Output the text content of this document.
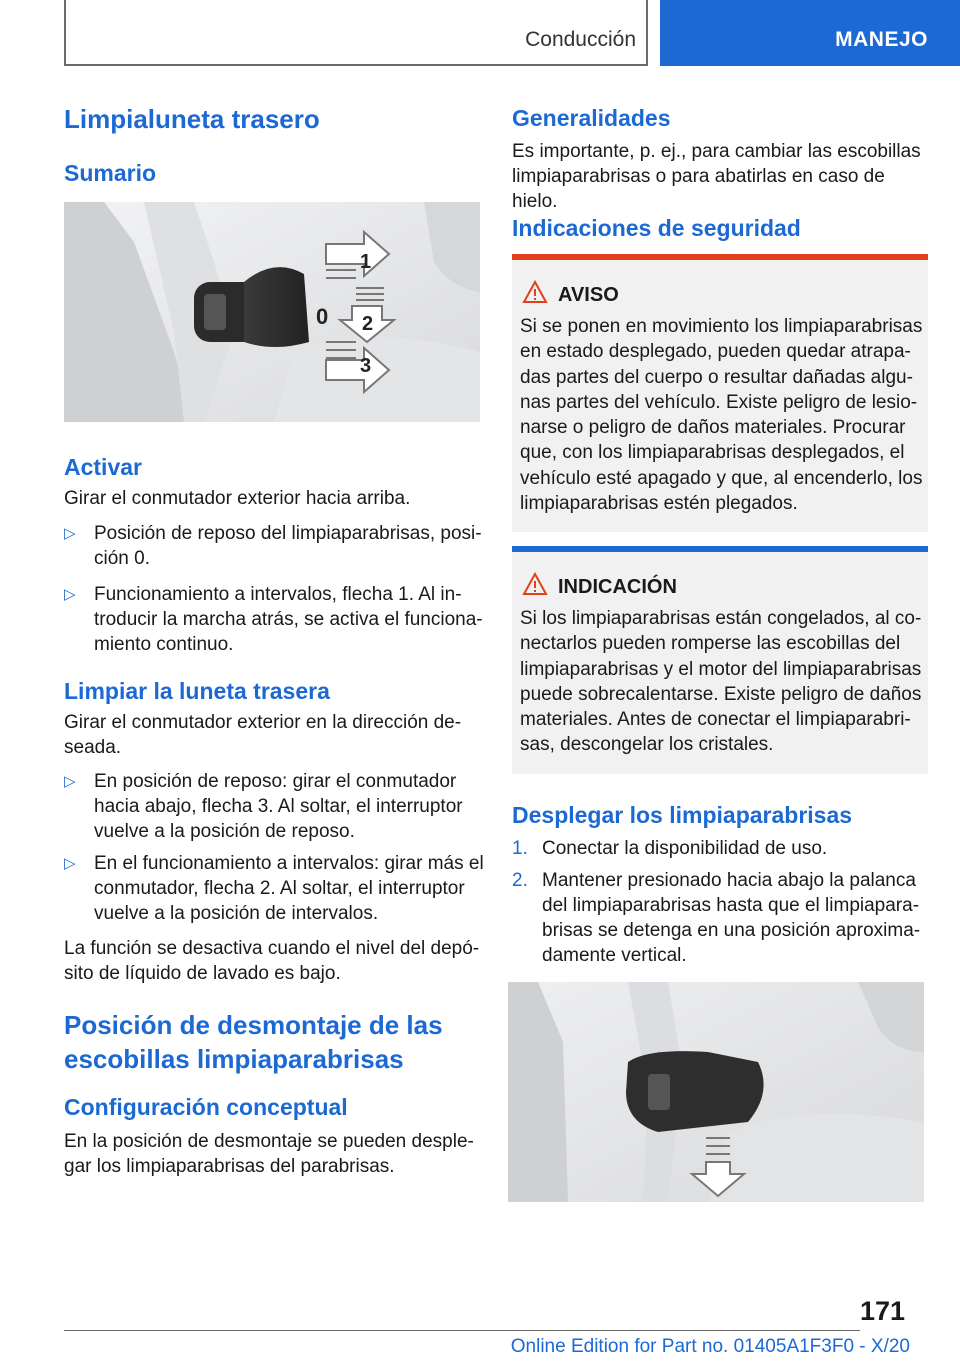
Conducción	MANEJO
Limpialuneta trasero
Sumario
1
0 2
3
Activar
Girar el conmutador exterior hacia arriba.
▷ Posición de reposo del limpiaparabrisas, posi-
ción 0.
▷ Funcionamiento a intervalos, flecha 1. Al in-
troducir la marcha atrás, se activa el funciona-
miento continuo.
Limpiar la luneta trasera
Girar el conmutador exterior en la dirección de-
seada.
▷ En posición de reposo: girar el conmutador
hacia abajo, flecha 3. Al soltar, el interruptor
vuelve a la posición de reposo.
▷ En el funcionamiento a intervalos: girar más el
conmutador, flecha 2. Al soltar, el interruptor
vuelve a la posición de intervalos.
La función se desactiva cuando el nivel del depó-
sito de líquido de lavado es bajo.
Posición de desmontaje de las
escobillas limpiaparabrisas
Configuración conceptual
En la posición de desmontaje se pueden desple-
gar los limpiaparabrisas del parabrisas.
Generalidades
Es importante, p. ej., para cambiar las escobillas
limpiaparabrisas o para abatirlas en caso de hielo.
Indicaciones de seguridad
AVISO
Si se ponen en movimiento los limpiaparabrisas
en estado desplegado, pueden quedar atrapa-
das partes del cuerpo o resultar dañadas algu-
nas partes del vehículo. Existe peligro de lesio-
narse o peligro de daños materiales. Procurar
que, con los limpiaparabrisas desplegados, el
vehículo esté apagado y que, al encenderlo, los
limpiaparabrisas estén plegados.
INDICACIÓN
Si los limpiaparabrisas están congelados, al co-
nectarlos pueden romperse las escobillas del
limpiaparabrisas y el motor del limpiaparabrisas
puede sobrecalentarse. Existe peligro de daños
materiales. Antes de conectar el limpiaparabri-
sas, descongelar los cristales.
Desplegar los limpiaparabrisas
1. Conectar la disponibilidad de uso.
2. Mantener presionado hacia abajo la palanca
del limpiaparabrisas hasta que el limpiapara-
brisas se detenga en una posición aproxima-
damente vertical.
171
Online Edition for Part no. 01405A1F3F0 - X/20
